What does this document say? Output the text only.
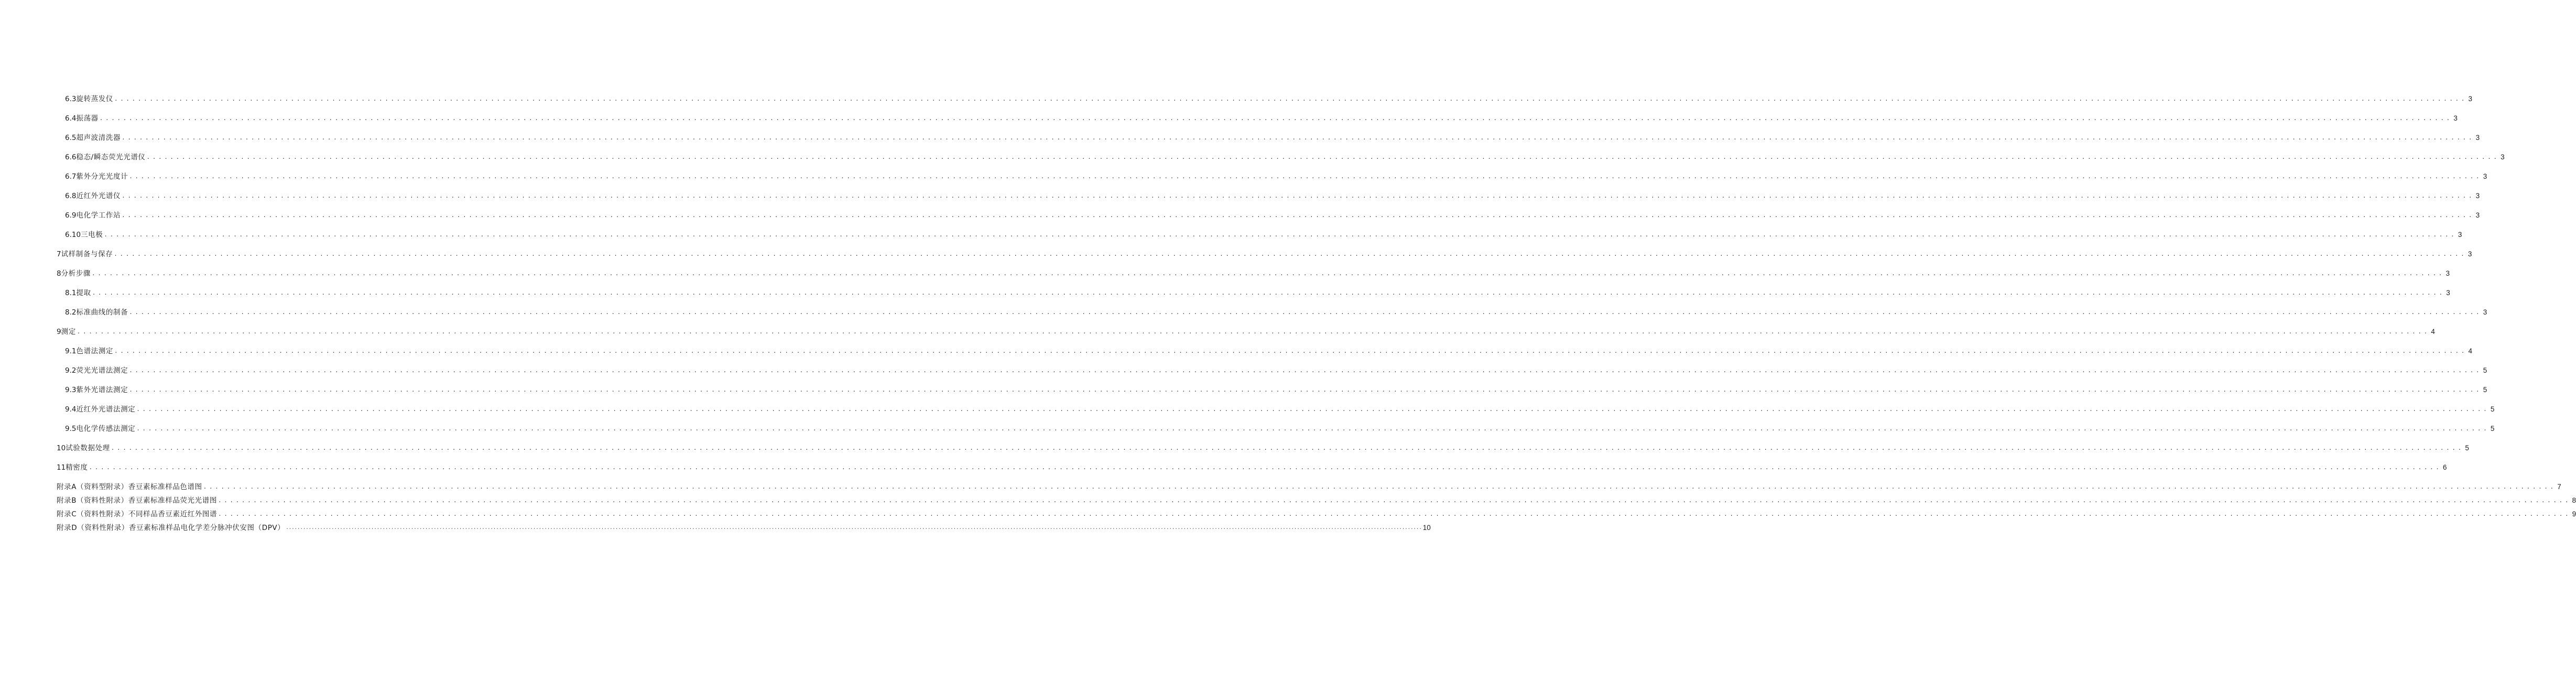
6.3 旋转蒸发仪 ................................................................................................................................................................................................................................................................................................................................................................................................................ 3
6.4 振荡器 ................................................................................................................................................................................................................................................................................................................................................................................................................ 3
6.5 超声波清洗器 ................................................................................................................................................................................................................................................................................................................................................................................................................ 3
6.6 稳态/瞬态荧光光谱仪 ................................................................................................................................................................................................................................................................................................................................................................................................................ 3
6.7 紫外分光光度计 ................................................................................................................................................................................................................................................................................................................................................................................................................ 3
6.8 近红外光谱仪 ................................................................................................................................................................................................................................................................................................................................................................................................................ 3
6.9 电化学工作站 ................................................................................................................................................................................................................................................................................................................................................................................................................ 3
6.10 三电极 ................................................................................................................................................................................................................................................................................................................................................................................................................ 3
7 试样制备与保存 ................................................................................................................................................................................................................................................................................................................................................................................................................ 3
8 分析步骤 ................................................................................................................................................................................................................................................................................................................................................................................................................ 3
8.1 提取 ................................................................................................................................................................................................................................................................................................................................................................................................................ 3
8.2 标准曲线的制备 ................................................................................................................................................................................................................................................................................................................................................................................................................ 3
9 测定 ................................................................................................................................................................................................................................................................................................................................................................................................................ 4
9.1 色谱法测定 ................................................................................................................................................................................................................................................................................................................................................................................................................ 4
9.2 荧光光谱法测定 ................................................................................................................................................................................................................................................................................................................................................................................................................ 5
9.3 紫外光谱法测定 ................................................................................................................................................................................................................................................................................................................................................................................................................ 5
9.4 近红外光谱法测定 ................................................................................................................................................................................................................................................................................................................................................................................................................ 5
9.5 电化学传感法测定 ................................................................................................................................................................................................................................................................................................................................................................................................................ 5
10 试验数据处理 ................................................................................................................................................................................................................................................................................................................................................................................................................ 5
11 精密度 ................................................................................................................................................................................................................................................................................................................................................................................................................ 6
附录A（资料型附录）香豆素标准样品色谱图 ................................................................................................................................................................................................................................................................................................................................................................................................................ 7
附录B（资料性附录）香豆素标准样品荧光光谱图 ................................................................................................................................................................................................................................................................................................................................................................................................................ 8
附录C（资料性附录）不同样品香豆素近红外图谱 ................................................................................................................................................................................................................................................................................................................................................................................................................ 9
附录D（资料性附录）香豆素标准样品电化学差分脉冲伏安图（DPV） ................................................................................................................................................................................................................................................................................................................................................................................................................ 10
